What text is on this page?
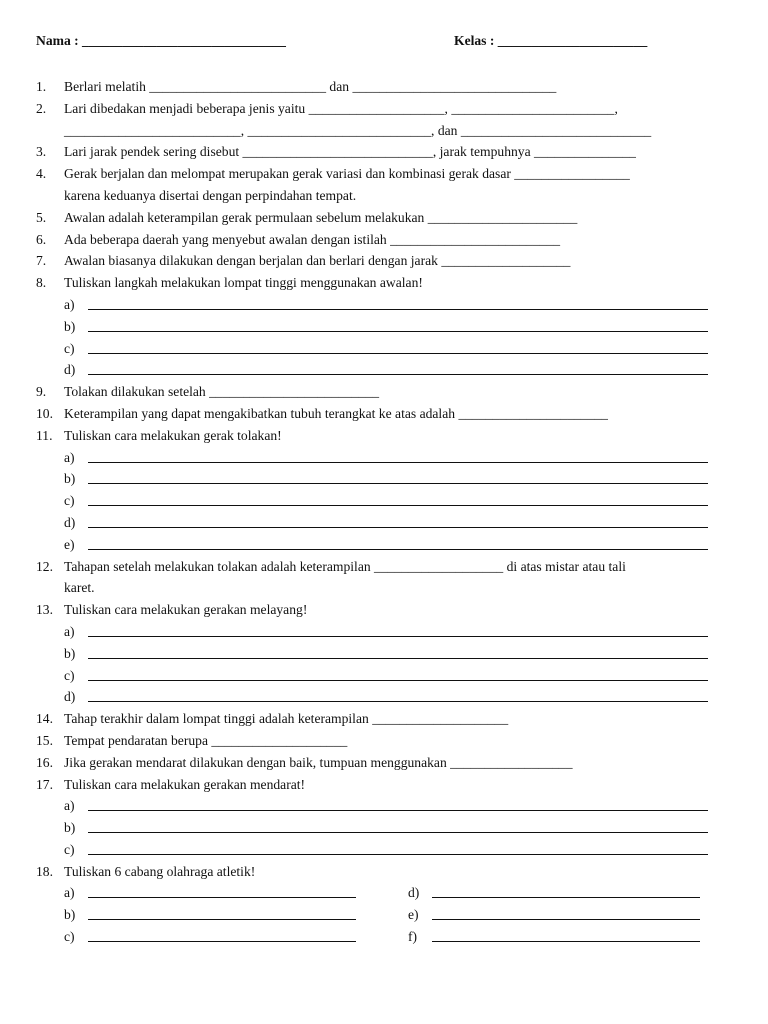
Nama : ______________________________	Kelas : ______________________
1. Berlari melatih __________________________ dan ______________________________
2. Lari dibedakan menjadi beberapa jenis yaitu ____________________, ________________________,
__________________________, ___________________________, dan ____________________________
3. Lari jarak pendek sering disebut ____________________________, jarak tempuhnya _______________
4. Gerak berjalan dan melompat merupakan gerak variasi dan kombinasi gerak dasar _________________
karena keduanya disertai dengan perpindahan tempat.
5. Awalan adalah keterampilan gerak permulaan sebelum melakukan ______________________
6. Ada beberapa daerah yang menyebut awalan dengan istilah _________________________
7. Awalan biasanya dilakukan dengan berjalan dan berlari dengan jarak ___________________
8. Tuliskan langkah melakukan lompat tinggi menggunakan awalan!
a)
b)
c)
d)
9. Tolakan dilakukan setelah _________________________
10. Keterampilan yang dapat mengakibatkan tubuh terangkat ke atas adalah ______________________
11. Tuliskan cara melakukan gerak tolakan!
a)
b)
c)
d)
e)
12. Tahapan setelah melakukan tolakan adalah keterampilan ___________________ di atas mistar atau tali
karet.
13. Tuliskan cara melakukan gerakan melayang!
a)
b)
c)
d)
14. Tahap terakhir dalam lompat tinggi adalah keterampilan ____________________
15. Tempat pendaratan berupa ____________________
16. Jika gerakan mendarat dilakukan dengan baik, tumpuan menggunakan __________________
17. Tuliskan cara melakukan gerakan mendarat!
a)
b)
c)
18. Tuliskan 6 cabang olahraga atletik!
a)
b)
c)
d)
e)
f)
